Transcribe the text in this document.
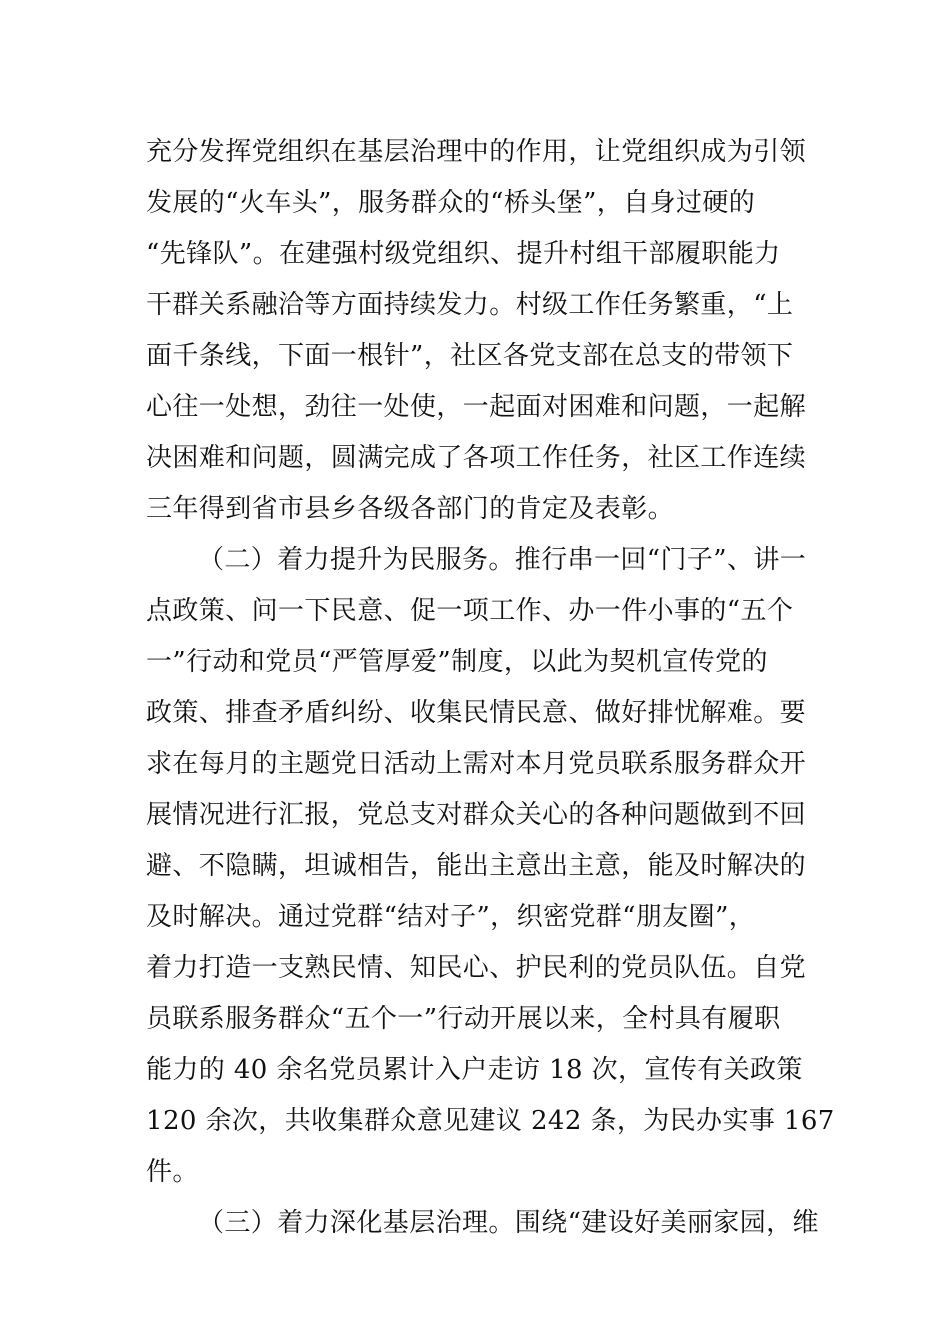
充分发挥党组织在基层治理中的作用，让党组织成为引领
发展的“火车头”，服务群众的“桥头堡”，自身过硬的
“先锋队”。在建强村级党组织、提升村组干部履职能力
干群关系融洽等方面持续发力。村级工作任务繁重，“上
面千条线，下面一根针”，社区各党支部在总支的带领下
心往一处想，劲往一处使，一起面对困难和问题，一起解
决困难和问题，圆满完成了各项工作任务，社区工作连续
三年得到省市县乡各级各部门的肯定及表彰。
（二）着力提升为民服务。推行串一回“门子”、讲一
点政策、问一下民意、促一项工作、办一件小事的“五个
一”行动和党员“严管厚爱”制度，以此为契机宣传党的
政策、排查矛盾纠纷、收集民情民意、做好排忧解难。要
求在每月的主题党日活动上需对本月党员联系服务群众开
展情况进行汇报，党总支对群众关心的各种问题做到不回
避、不隐瞒，坦诚相告，能出主意出主意，能及时解决的
及时解决。通过党群“结对子”，织密党群“朋友圈”，
着力打造一支熟民情、知民心、护民利的党员队伍。自党
员联系服务群众“五个一”行动开展以来，全村具有履职
能力的 40 余名党员累计入户走访 18 次，宣传有关政策
120 余次，共收集群众意见建议 242 条，为民办实事 167
件。
（三）着力深化基层治理。围绕“建设好美丽家园，维
